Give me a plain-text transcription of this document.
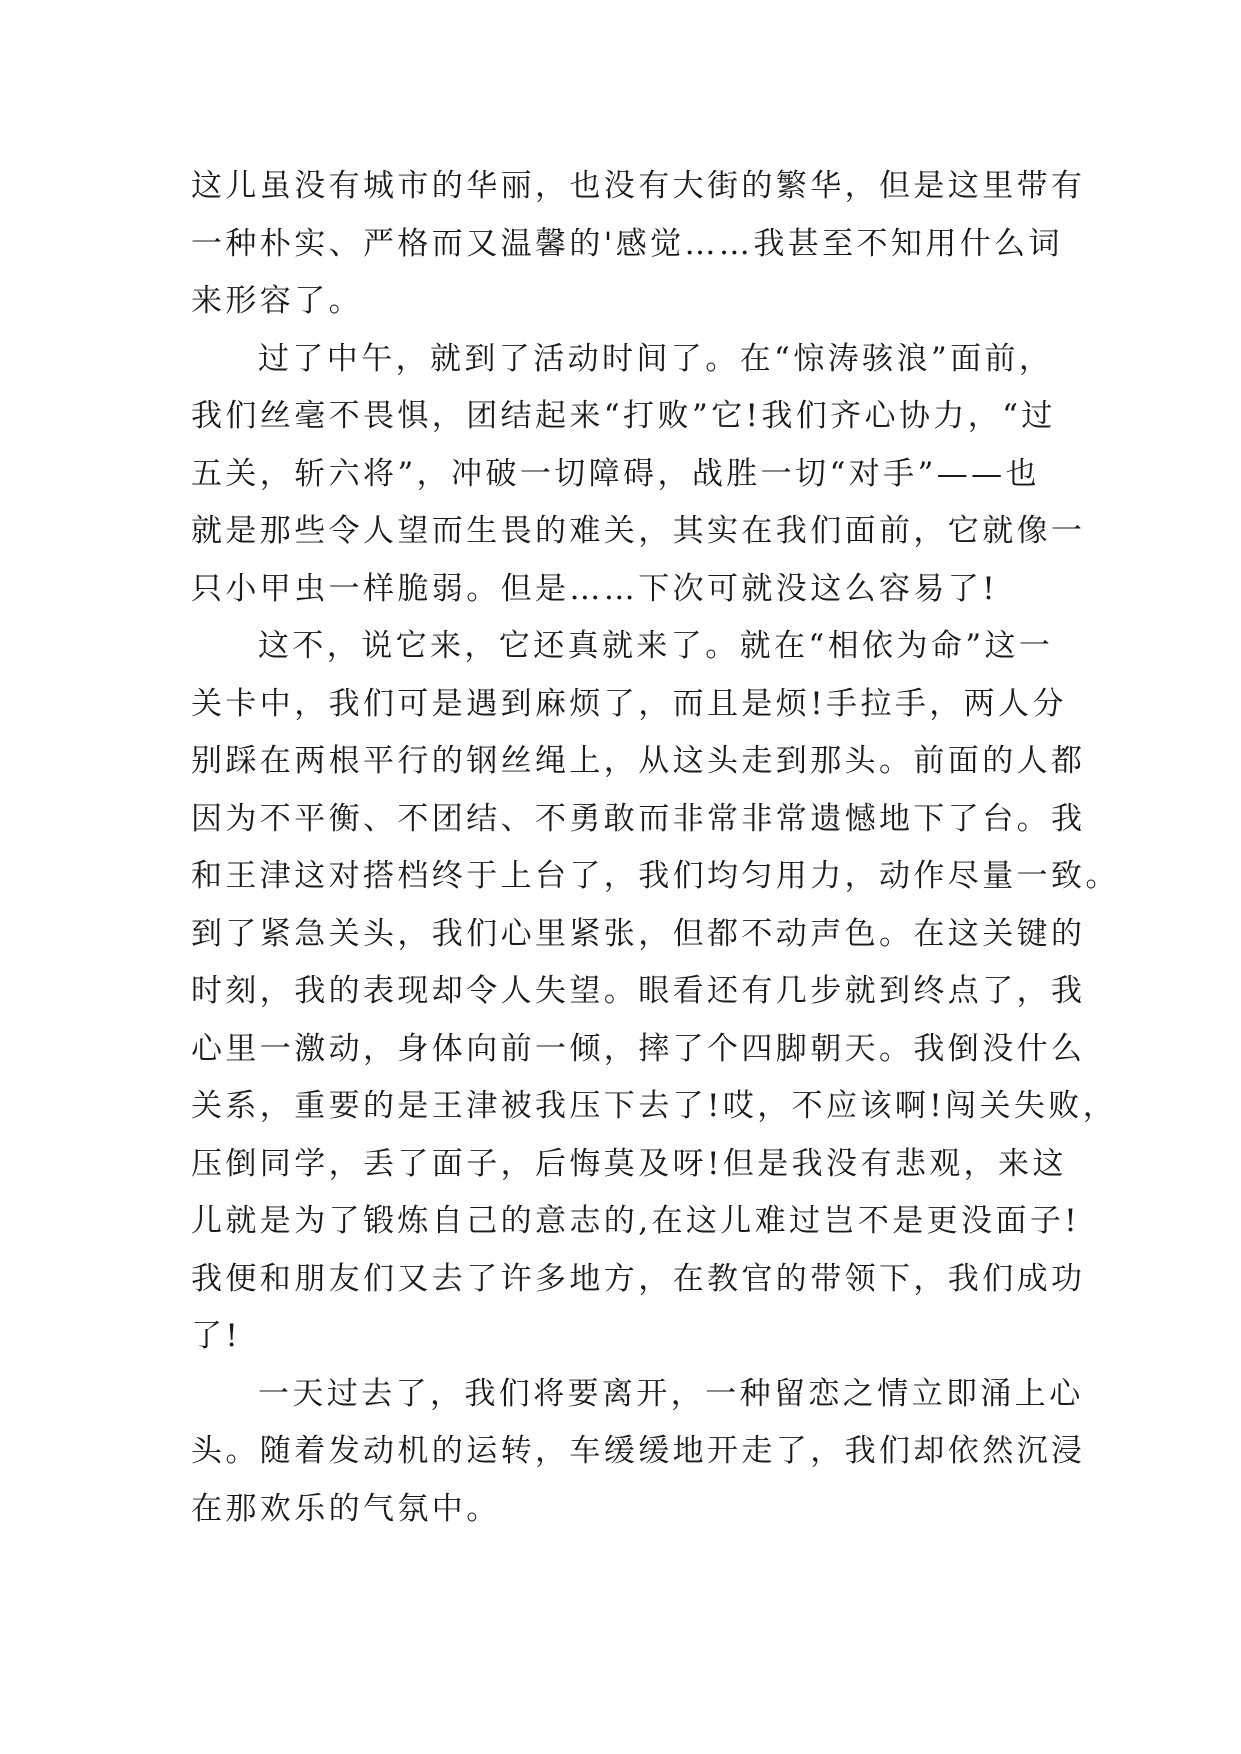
这儿虽没有城市的华丽，也没有大街的繁华，但是这里带有
一种朴实、严格而又温馨的'感觉……我甚至不知用什么词
来形容了。

过了中午，就到了活动时间了。在“惊涛骇浪”面前，
我们丝毫不畏惧，团结起来“打败”它!我们齐心协力，“过
五关，斩六将”，冲破一切障碍，战胜一切“对手”——也
就是那些令人望而生畏的难关，其实在我们面前，它就像一
只小甲虫一样脆弱。但是……下次可就没这么容易了!

这不，说它来，它还真就来了。就在“相依为命”这一
关卡中，我们可是遇到麻烦了，而且是烦!手拉手，两人分
别踩在两根平行的钢丝绳上，从这头走到那头。前面的人都
因为不平衡、不团结、不勇敢而非常非常遗憾地下了台。我
和王津这对搭档终于上台了，我们均匀用力，动作尽量一致。
到了紧急关头，我们心里紧张，但都不动声色。在这关键的
时刻，我的表现却令人失望。眼看还有几步就到终点了，我
心里一激动，身体向前一倾，摔了个四脚朝天。我倒没什么
关系，重要的是王津被我压下去了!哎，不应该啊!闯关失败，
压倒同学，丢了面子，后悔莫及呀!但是我没有悲观，来这
儿就是为了锻炼自己的意志的,在这儿难过岂不是更没面子!
我便和朋友们又去了许多地方，在教官的带领下，我们成功
了!

一天过去了，我们将要离开，一种留恋之情立即涌上心
头。随着发动机的运转，车缓缓地开走了，我们却依然沉浸
在那欢乐的气氛中。
